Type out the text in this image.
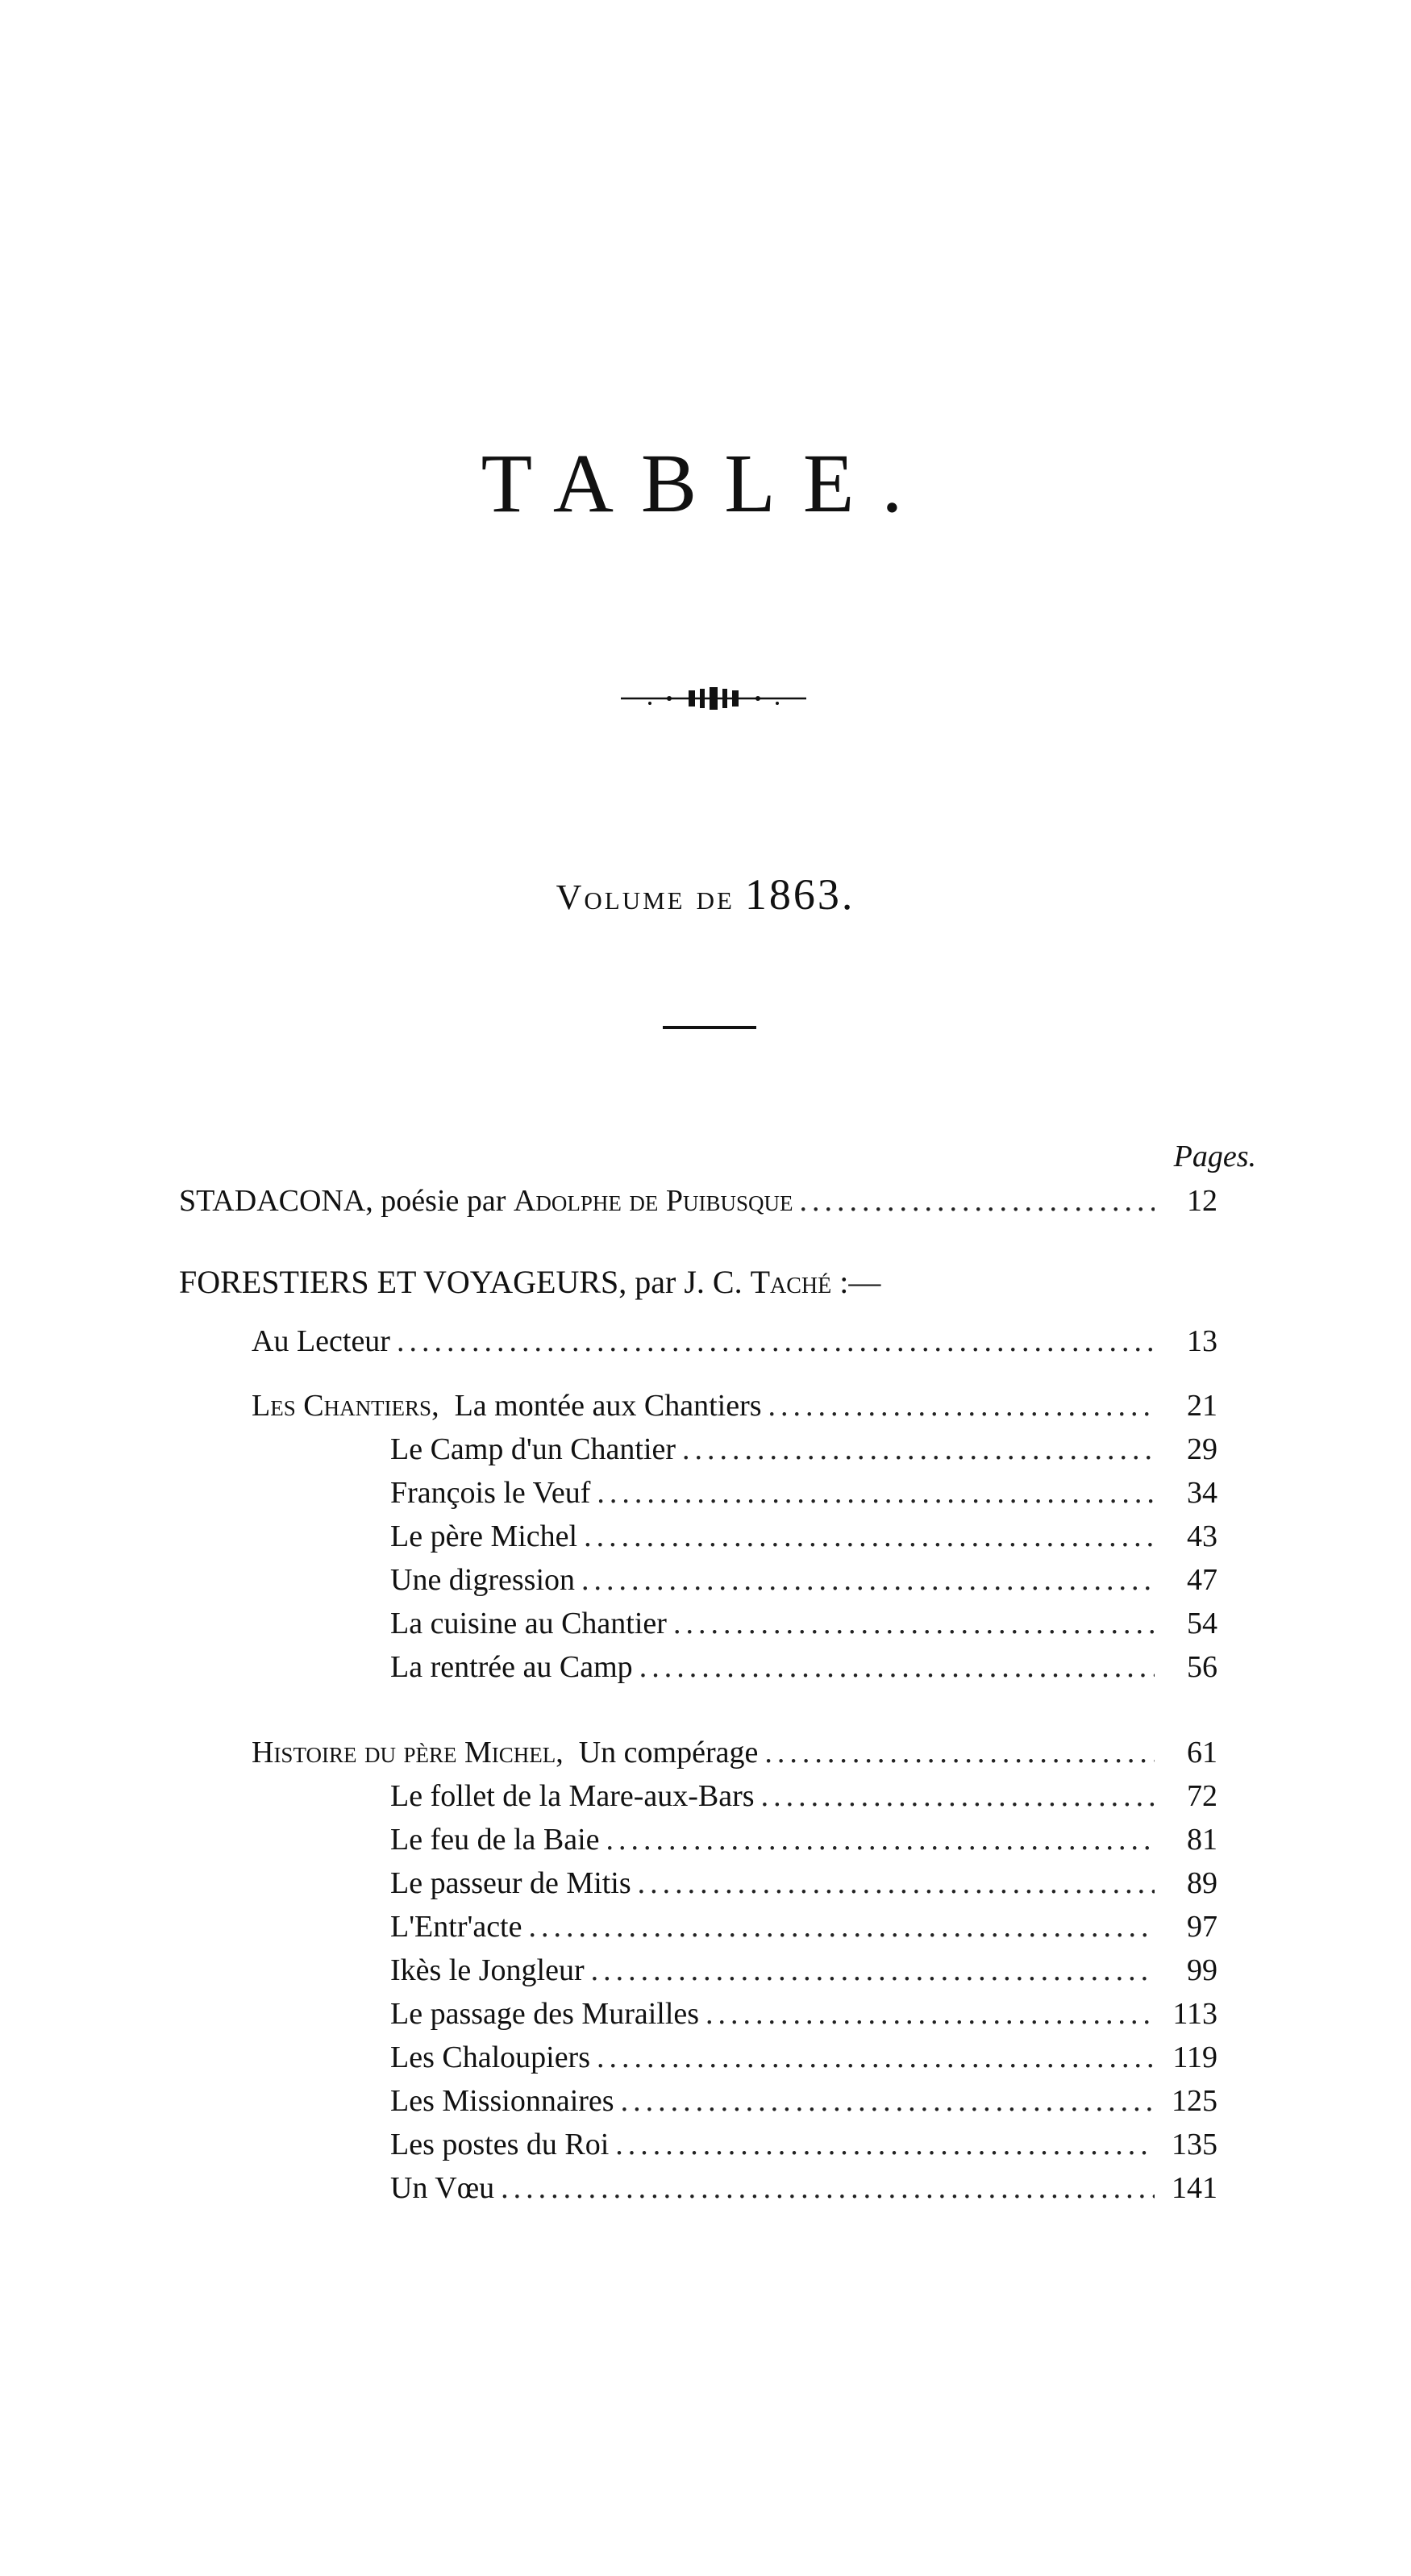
TABLE.
Volume de 1863.
Pages.
STADACONA, poésie par Adolphe de Puibusque .....	12
FORESTIERS ET VOYAGEURS, par J. C. Taché :—
Au Lecteur .....	13
Les Chantiers,  La montée aux Chantiers .....	21
Le Camp d'un Chantier .....	29
François le Veuf .....	34
Le père Michel .....	43
Une digression .....	47
La cuisine au Chantier .....	54
La rentrée au Camp .....	56
Histoire du père Michel,  Un compérage .....	61
Le follet de la Mare-aux-Bars .....	72
Le feu de la Baie .....	81
Le passeur de Mitis .....	89
L'Entr'acte .....	97
Ikès le Jongleur .....	99
Le passage des Murailles .....	113
Les Chaloupiers .....	119
Les Missionnaires .....	125
Les postes du Roi .....	135
Un Vœu .....	141
